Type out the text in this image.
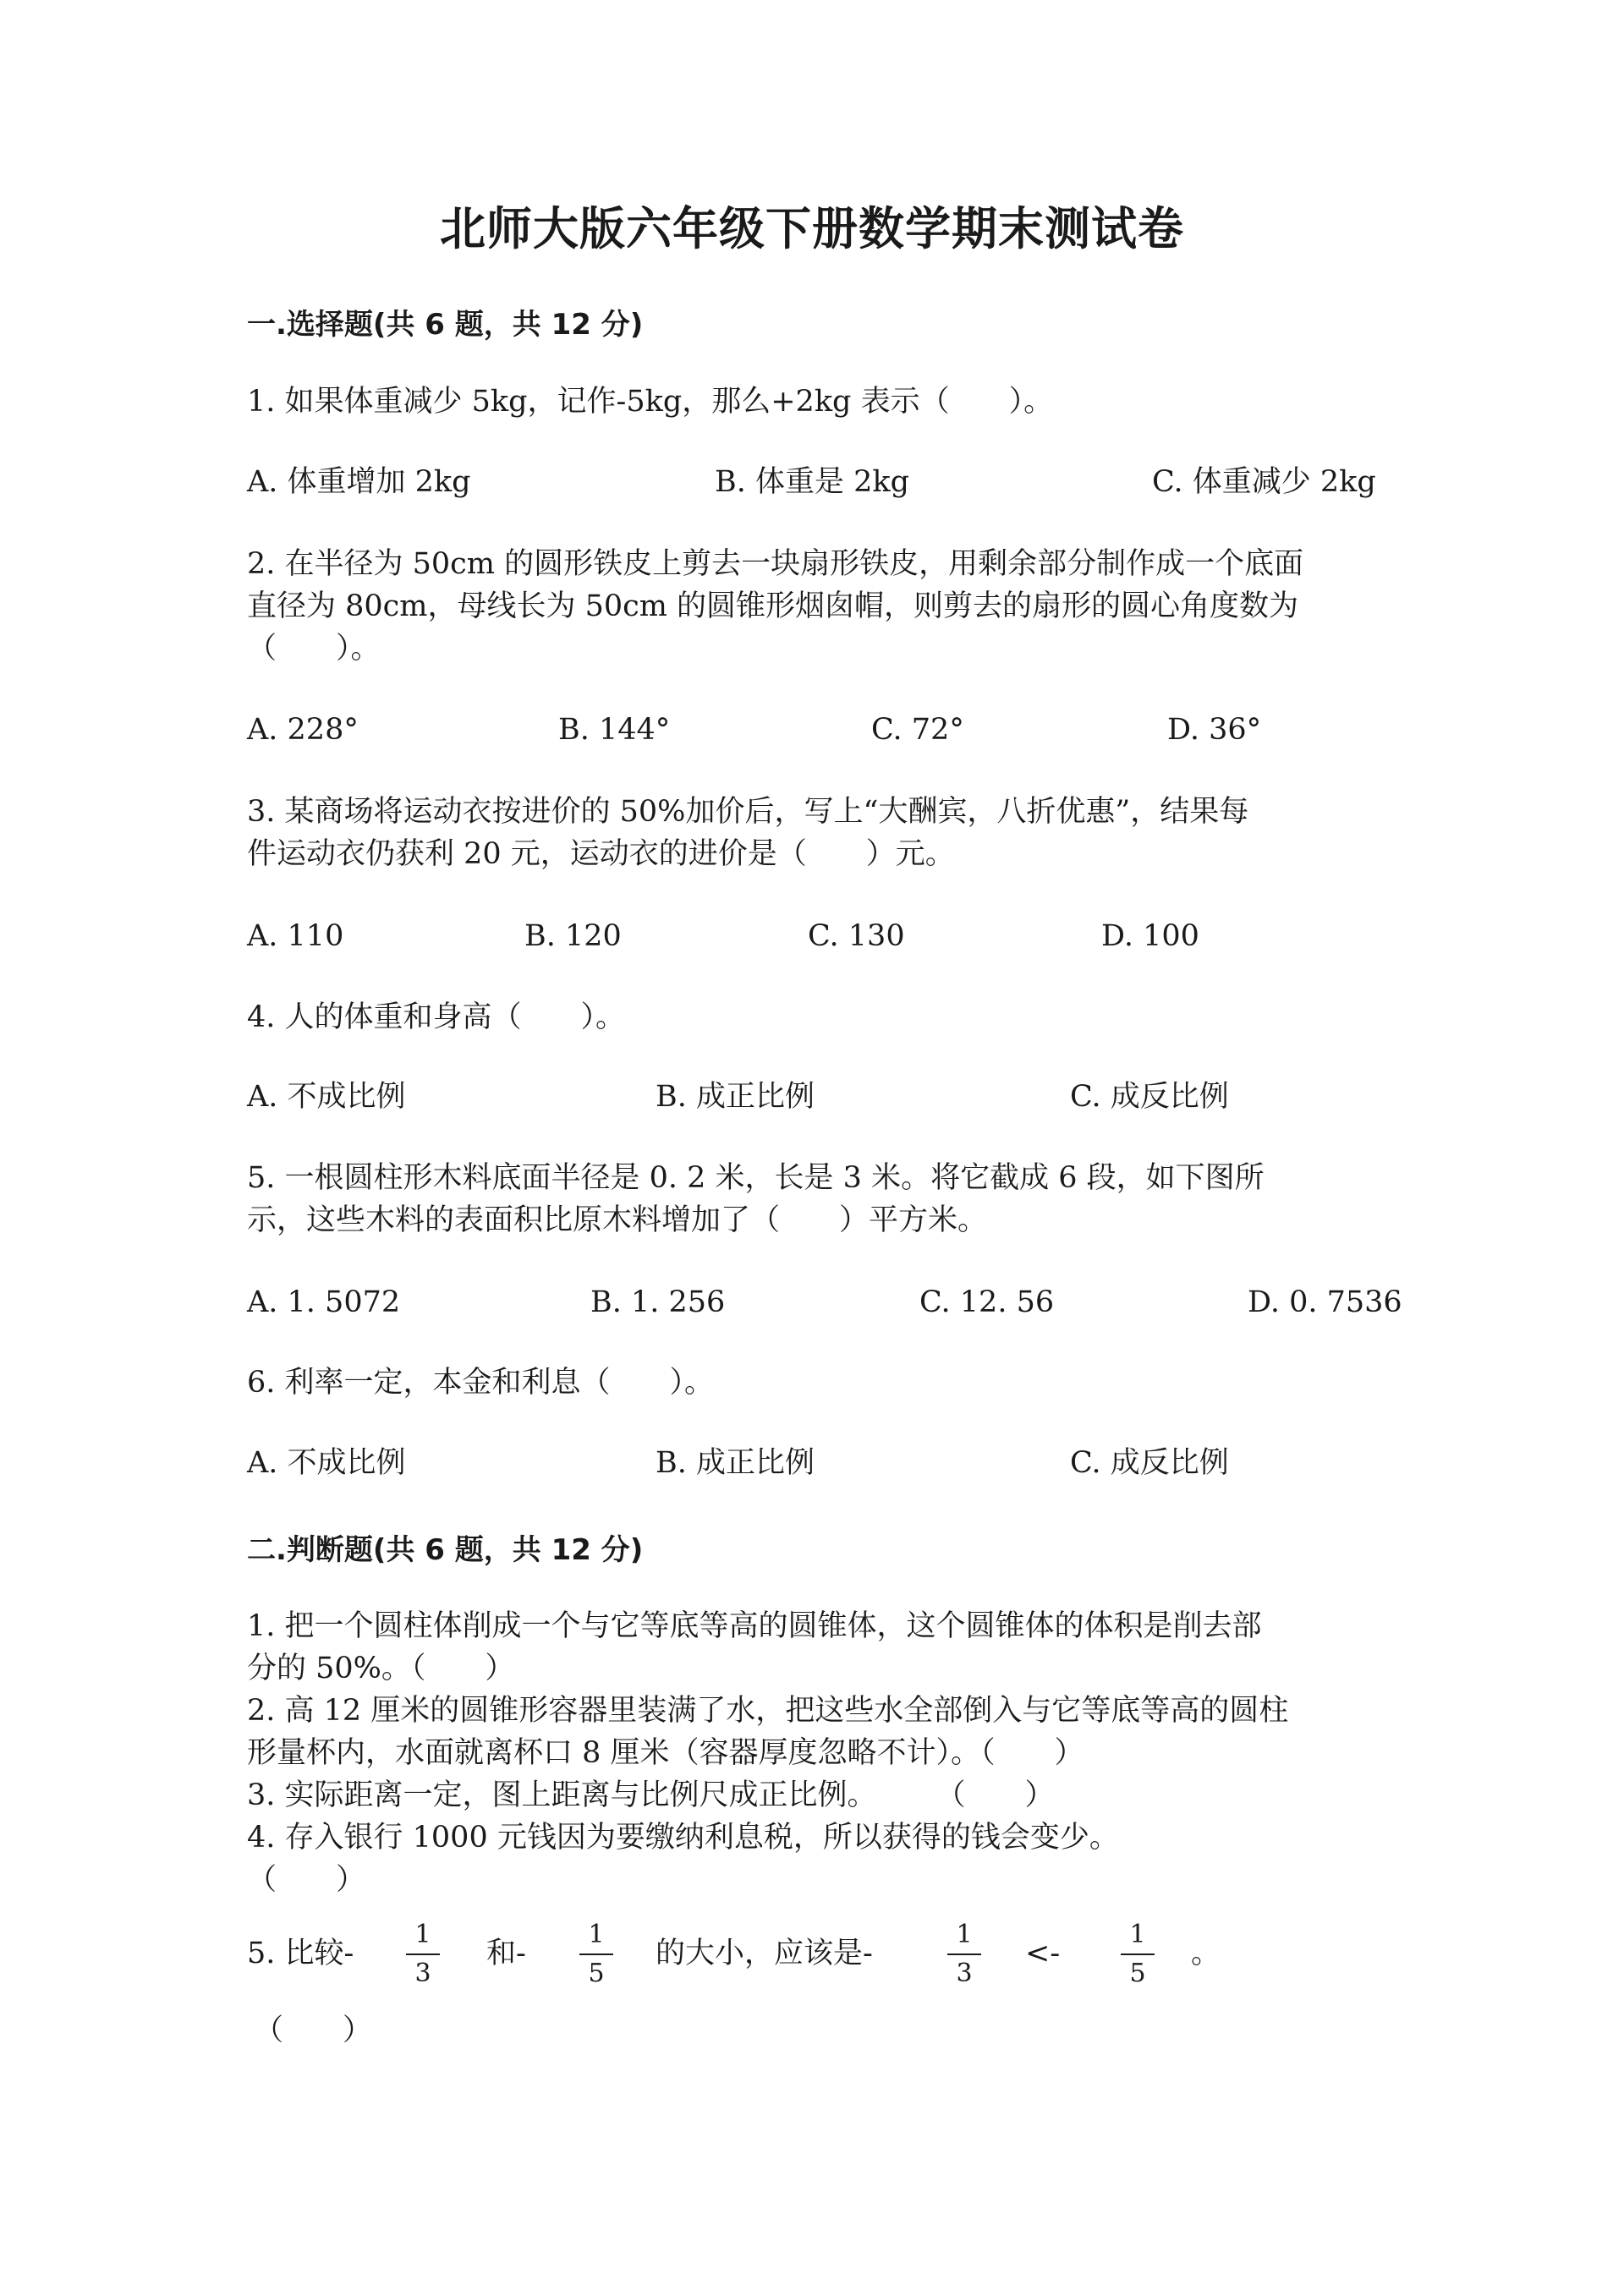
北师大版六年级下册数学期末测试卷
一.选择题(共 6 题，共 12 分)
1. 如果体重减少 5kg，记作-5kg，那么+2kg 表示（　　）。
A. 体重增加 2kg	B. 体重是 2kg	C. 体重减少 2kg
2. 在半径为 50cm 的圆形铁皮上剪去一块扇形铁皮，用剩余部分制作成一个底面
直径为 80cm，母线长为 50cm 的圆锥形烟囱帽，则剪去的扇形的圆心角度数为
（　　）。
A. 228°	B. 144°	C. 72°	D. 36°
3. 某商场将运动衣按进价的 50%加价后，写上“大酬宾，八折优惠”，结果每
件运动衣仍获利 20 元，运动衣的进价是（　　）元。
A. 110	B. 120	C. 130	D. 100
4. 人的体重和身高（　　）。
A. 不成比例	B. 成正比例	C. 成反比例
5. 一根圆柱形木料底面半径是 0. 2 米，长是 3 米。将它截成 6 段，如下图所
示，这些木料的表面积比原木料增加了（　　）平方米。
A. 1. 5072	B. 1. 256	C. 12. 56	D. 0. 7536
6. 利率一定，本金和利息（　　）。
A. 不成比例	B. 成正比例	C. 成反比例
二.判断题(共 6 题，共 12 分)
1. 把一个圆柱体削成一个与它等底等高的圆锥体，这个圆锥体的体积是削去部
分的 50%。（　　）
2. 高 12 厘米的圆锥形容器里装满了水，把这些水全部倒入与它等底等高的圆柱
形量杯内，水面就离杯口 8 厘米（容器厚度忽略不计）。（　　）
3. 实际距离一定，图上距离与比例尺成正比例。　　　（　　）
4. 存入银行 1000 元钱因为要缴纳利息税，所以获得的钱会变少。
（　　）
5. 比较- $\frac{1}{3}$ 和- $\frac{1}{5}$ 的大小，应该是-	$\frac{1}{3} <- \frac{1}{5}$ 。
（　　）
